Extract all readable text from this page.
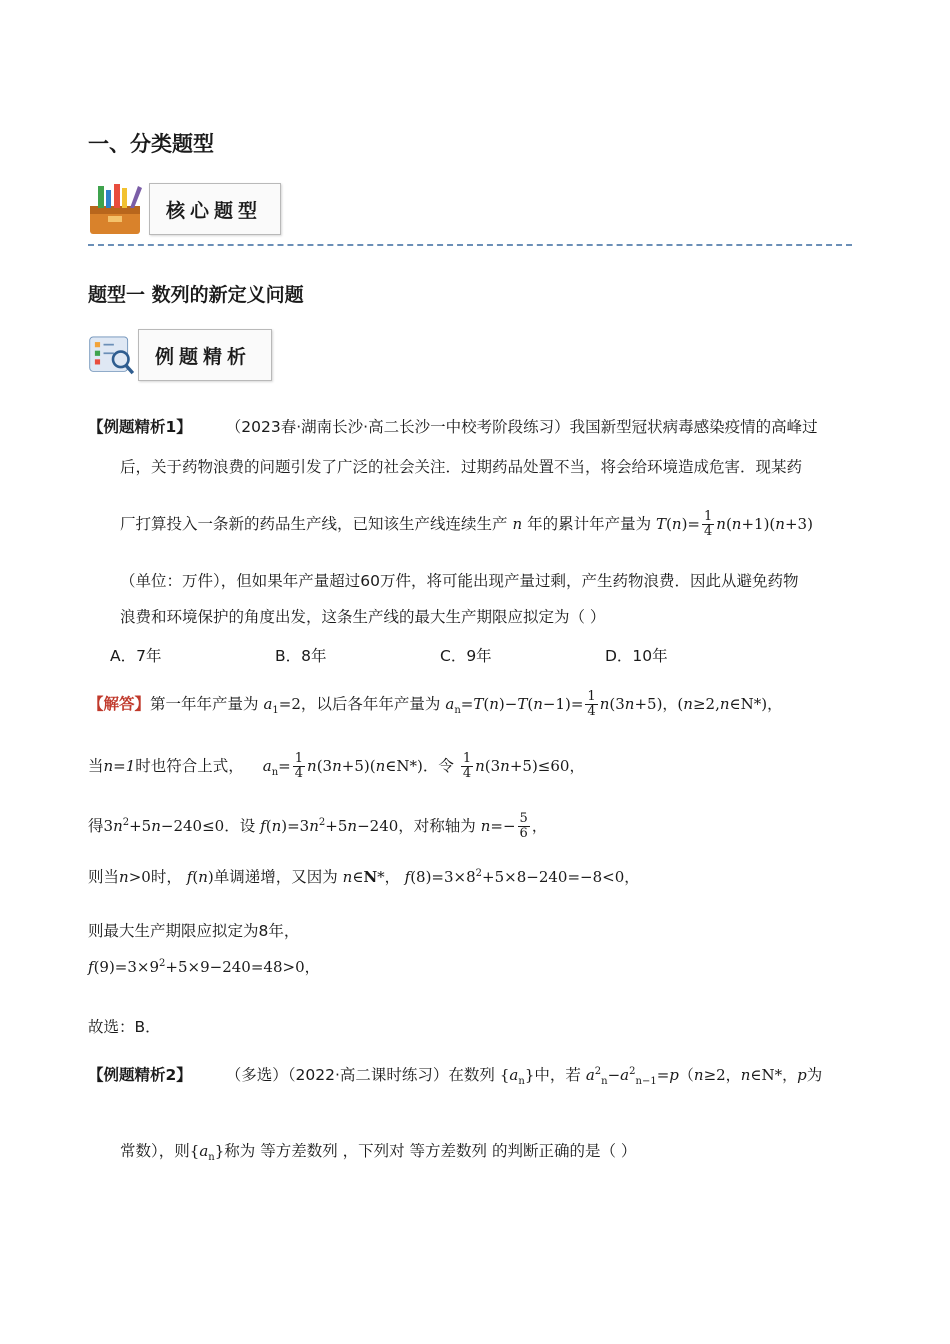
一、分类题型
核心题型
题型一 数列的新定义问题
例题精析
【例题精析1】 （2023春·湖南长沙·高二长沙一中校考阶段练习）我国新型冠状病毒感染疫情的高峰过
后，关于药物浪费的问题引发了广泛的社会关注．过期药品处置不当，将会给环境造成危害．现某药
厂打算投入一条新的药品生产线，已知该生产线连续生产 n 年的累计年产量为 $T(n)= \frac{1}{4} n(n+1)(n+3)$
（单位：万件），但如果年产量超过60万件，将可能出现产量过剩，产生药物浪费．因此从避免药物
浪费和环境保护的角度出发，这条生产线的最大生产期限应拟定为（ ）
A．7年	B．8年	C．9年	D．10年
【解答】第一年年产量为 $a_1=2$，以后各年年产量为 $a_n=T(n)-T(n-1)= \frac{1}{4} n(3n+5)$，(n≥2,n∈N*)，
当n=1时也符合上式， $a_n= \frac{1}{4}$ n(3n+5)(n∈N*)．令 $\frac{1}{4} n(3n+5)\le 60$，
得$3n^2+5n-240\le 0$．设 $f(n)=3n^2+5n-240$，对称轴为 $n=- \frac{5}{6}$ ，
则当n>0时， f(n)单调递增，又因为 n∈N*， $f(8)=3\times 8^2+5\times 8-240=-8<0$，
则最大生产期限应拟定为8年，
$f(9)=3\times 9^2+5\times 9-240=48>0$，
故选：B．
【例题精析2】 （多选）（2022·高二课时练习）在数列 $\{a_n\}$中，若 $a^2_n-a^2_{n-1}=p(n\ge 2$，n∈N*，p为
常数），则$\{a_n\}$称为 等方差数列 ，下列对 等方差数列 的判断正确的是（ ）
